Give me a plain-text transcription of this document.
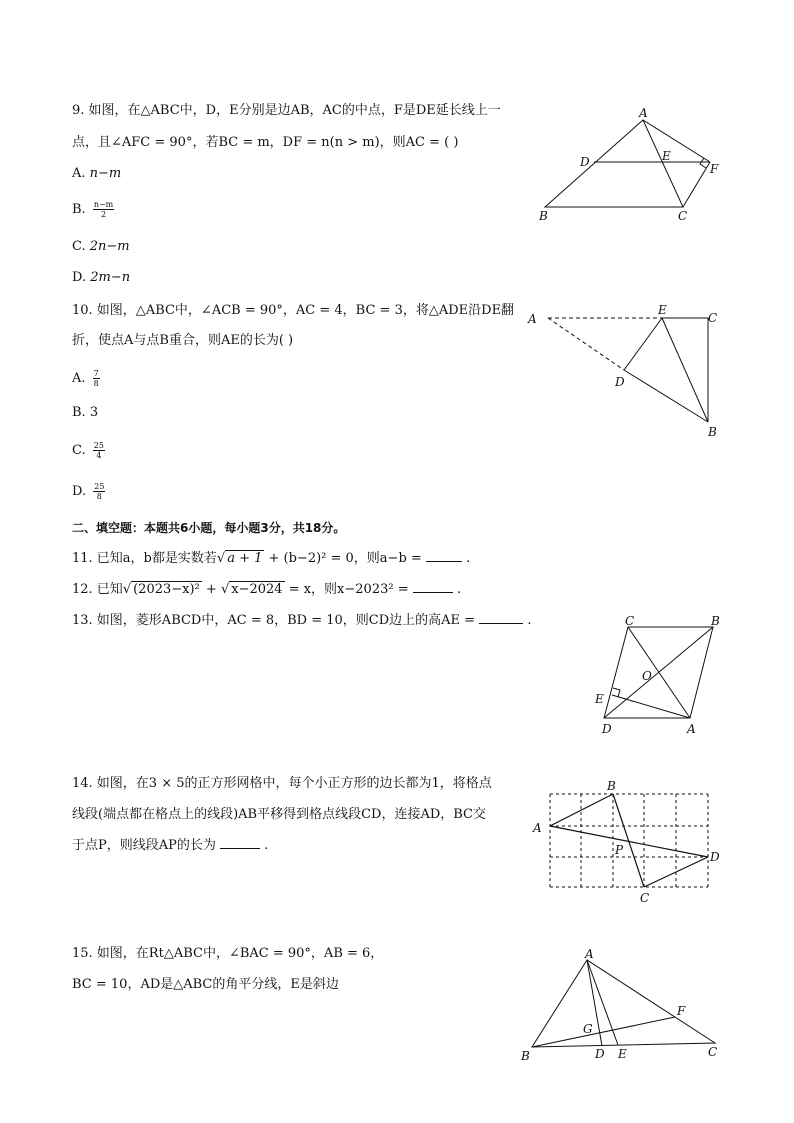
9. 如图，在△ABC中，D，E分别是边AB，AC的中点，F是DE延长线上一
点，且∠AFC = 90°，若BC = m，DF = n(n > m)，则AC = ( )
A. n−m
B. $\frac{n-m}{2}$
C. 2n−m
D. 2m−n
A
B	C
D	E
F
10. 如图，△ABC中，∠ACB = 90°，AC = 4，BC = 3，将△ADE沿DE翻
折，使点A与点B重合，则AE的长为( )
A. $\frac{7}{8}$
B. 3
C. $\frac{25}{4}$
D. $\frac{25}{8}$
A
E
C
D
B
二、填空题：本题共6小题，每小题3分，共18分。
11. 已知a，b都是实数若√ a + 1 + (b−2)² = 0，则a−b =	.
12. 已知√ (2023−x)² + √ x−2024 = x，则x−2023² =	.
13. 如图，菱形ABCD中，AC = 8，BD = 10，则CD边上的高AE =	.	C	B
O
E
D	A
14. 如图，在3 × 5的正方形网格中，每个小正方形的边长都为1，将格点
线段(端点都在格点上的线段)AB平移得到格点线段CD，连接AD，BC交
于点P，则线段AP的长为	.
B
A
P	D
C
15. 如图，在Rt△ABC中，∠BAC = 90°，AB = 6，
BC = 10，AD是△ABC的角平分线，E是斜边
A
F
G
B	D E	C
